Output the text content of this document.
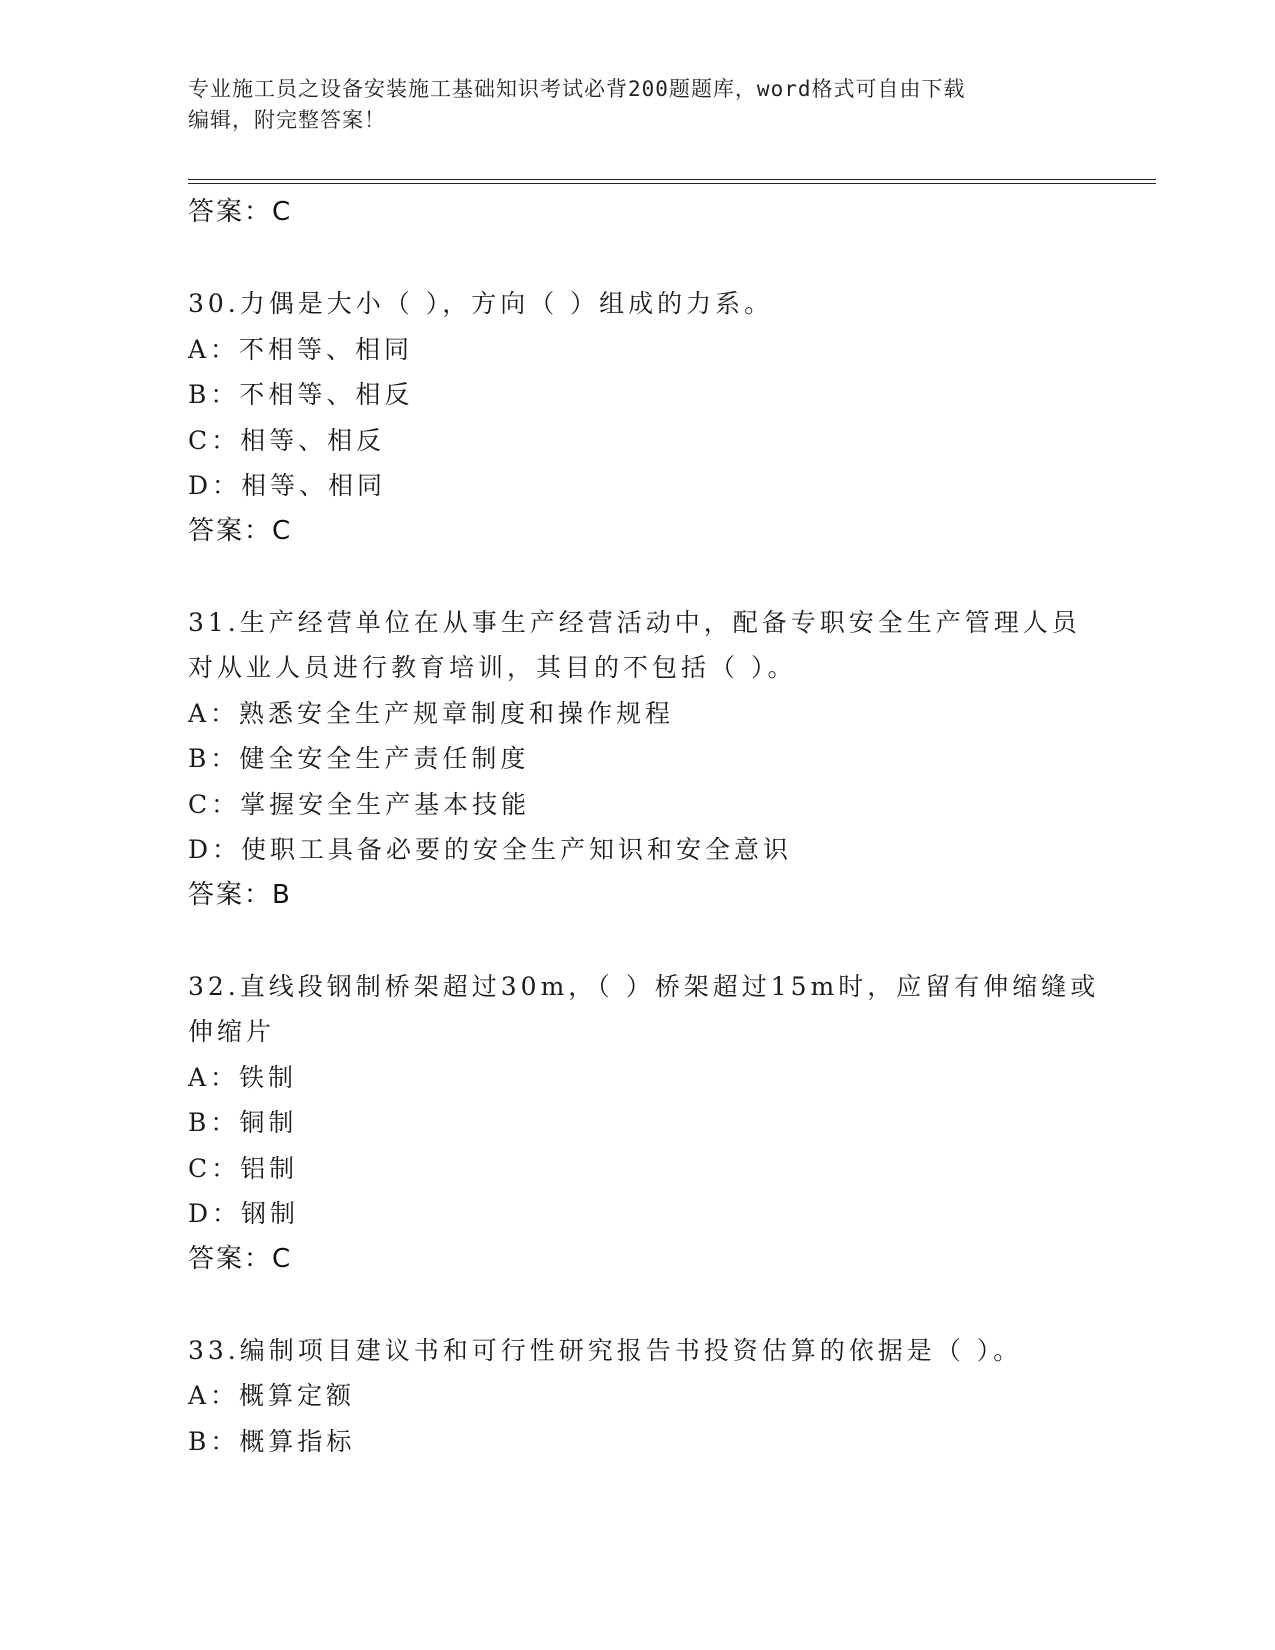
专业施工员之设备安装施工基础知识考试必背200题题库，word格式可自由下载
编辑，附完整答案！
答案：C
30.力偶是大小（ ），方向（ ）组成的力系。
A：不相等、相同
B：不相等、相反
C：相等、相反
D：相等、相同
答案：C
31.生产经营单位在从事生产经营活动中，配备专职安全生产管理人员
对从业人员进行教育培训，其目的不包括（ ）。
A：熟悉安全生产规章制度和操作规程
B：健全安全生产责任制度
C：掌握安全生产基本技能
D：使职工具备必要的安全生产知识和安全意识
答案：B
32.直线段钢制桥架超过30m，（ ）桥架超过15m时，应留有伸缩缝或
伸缩片
A：铁制
B：铜制
C：铝制
D：钢制
答案：C
33.编制项目建议书和可行性研究报告书投资估算的依据是（ ）。
A：概算定额
B：概算指标
